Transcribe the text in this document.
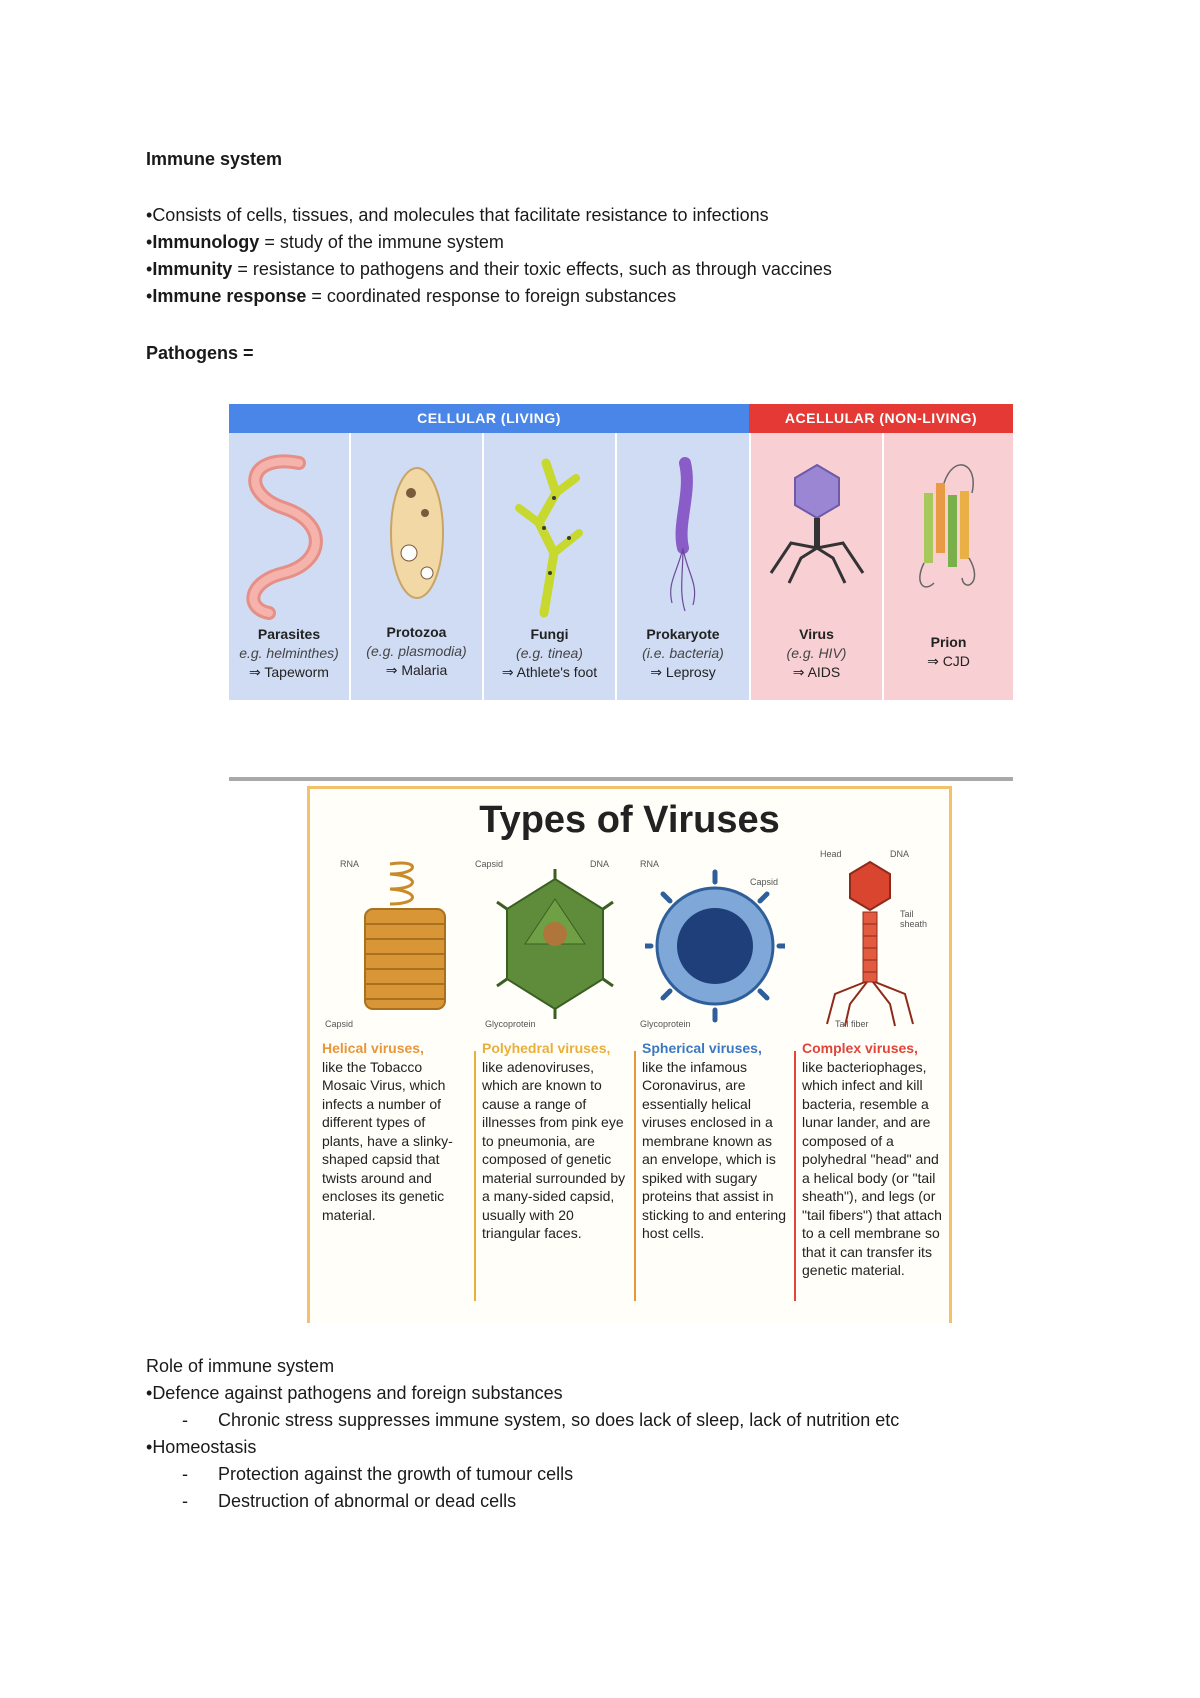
Immune system
•Consists of cells, tissues, and molecules that facilitate resistance to infections
•Immunology = study of the immune system
•Immunity = resistance to pathogens and their toxic effects, such as through vaccines
•Immune response = coordinated response to foreign substances
Pathogens =
CELLULAR (LIVING)	ACELLULAR (NON-LIVING)
Parasites
e.g. helminthes)
⇒ Tapeworm
Protozoa
(e.g. plasmodia)
⇒ Malaria
Fungi
(e.g. tinea)
⇒ Athlete's foot
Prokaryote
(i.e. bacteria)
⇒ Leprosy
Virus
(e.g. HIV)
⇒ AIDS
Prion
⇒ CJD
Types of Viruses
RNA
Capsid
Capsid	DNA
Glycoprotein
RNA
Capsid
Glycoprotein
Head	DNA
Tail sheath
Tail fiber
Helical viruses,
like the Tobacco Mosaic Virus, which infects a number of different types of plants, have a slinky-shaped capsid that twists around and encloses its genetic material.
Polyhedral viruses,
like adenoviruses, which are known to cause a range of illnesses from pink eye to pneumonia, are composed of genetic material surrounded by a many-sided capsid, usually with 20 triangular faces.
Spherical viruses,
like the infamous Coronavirus, are essentially helical viruses enclosed in a membrane known as an envelope, which is spiked with sugary proteins that assist in sticking to and entering host cells.
Complex viruses,
like bacteriophages, which infect and kill bacteria, resemble a lunar lander, and are composed of a polyhedral "head" and a helical body (or "tail sheath"), and legs (or "tail fibers") that attach to a cell membrane so that it can transfer its genetic material.
Role of immune system
•Defence against pathogens and foreign substances
- Chronic stress suppresses immune system, so does lack of sleep, lack of nutrition etc
•Homeostasis
- Protection against the growth of tumour cells
- Destruction of abnormal or dead cells
